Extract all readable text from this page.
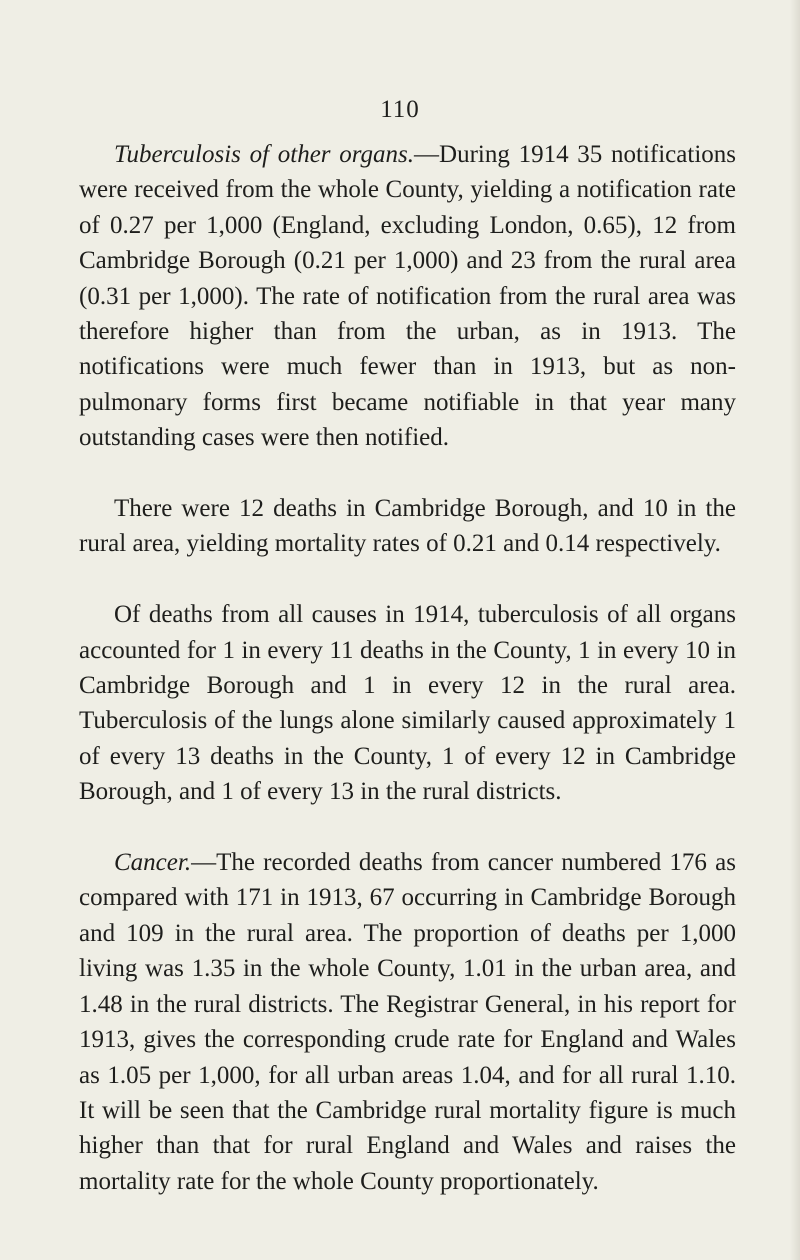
110

Tuberculosis of other organs.—During 1914 35 notifications were received from the whole County, yielding a notification rate of 0.27 per 1,000 (England, excluding London, 0.65), 12 from Cambridge Borough (0.21 per 1,000) and 23 from the rural area (0.31 per 1,000). The rate of notification from the rural area was therefore higher than from the urban, as in 1913. The notifications were much fewer than in 1913, but as non-pulmonary forms first became notifiable in that year many outstanding cases were then notified.

There were 12 deaths in Cambridge Borough, and 10 in the rural area, yielding mortality rates of 0.21 and 0.14 respectively.

Of deaths from all causes in 1914, tuberculosis of all organs accounted for 1 in every 11 deaths in the County, 1 in every 10 in Cambridge Borough and 1 in every 12 in the rural area. Tuberculosis of the lungs alone similarly caused approximately 1 of every 13 deaths in the County, 1 of every 12 in Cambridge Borough, and 1 of every 13 in the rural districts.

Cancer.—The recorded deaths from cancer numbered 176 as compared with 171 in 1913, 67 occurring in Cambridge Borough and 109 in the rural area. The proportion of deaths per 1,000 living was 1.35 in the whole County, 1.01 in the urban area, and 1.48 in the rural districts. The Registrar General, in his report for 1913, gives the corresponding crude rate for England and Wales as 1.05 per 1,000, for all urban areas 1.04, and for all rural 1.10. It will be seen that the Cambridge rural mortality figure is much higher than that for rural England and Wales and raises the mortality rate for the whole County proportionately.
